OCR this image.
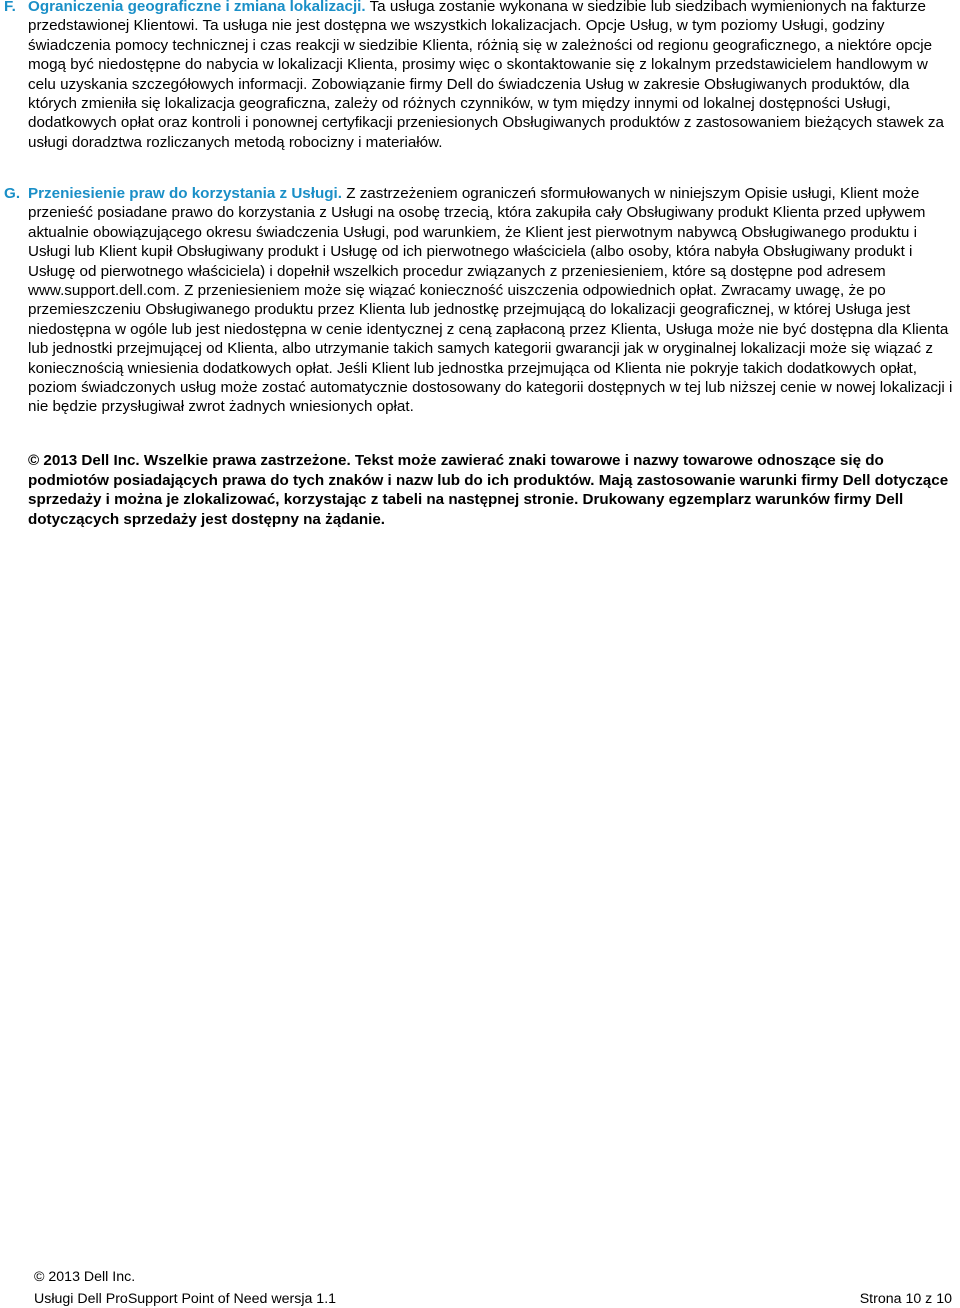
F. Ograniczenia geograficzne i zmiana lokalizacji. Ta usługa zostanie wykonana w siedzibie lub siedzibach wymienionych na fakturze przedstawionej Klientowi. Ta usługa nie jest dostępna we wszystkich lokalizacjach. Opcje Usług, w tym poziomy Usługi, godziny świadczenia pomocy technicznej i czas reakcji w siedzibie Klienta, różnią się w zależności od regionu geograficznego, a niektóre opcje mogą być niedostępne do nabycia w lokalizacji Klienta, prosimy więc o skontaktowanie się z lokalnym przedstawicielem handlowym w celu uzyskania szczegółowych informacji. Zobowiązanie firmy Dell do świadczenia Usług w zakresie Obsługiwanych produktów, dla których zmieniła się lokalizacja geograficzna, zależy od różnych czynników, w tym między innymi od lokalnej dostępności Usługi, dodatkowych opłat oraz kontroli i ponownej certyfikacji przeniesionych Obsługiwanych produktów z zastosowaniem bieżących stawek za usługi doradztwa rozliczanych metodą robocizny i materiałów.
G. Przeniesienie praw do korzystania z Usługi. Z zastrzeżeniem ograniczeń sformułowanych w niniejszym Opisie usługi, Klient może przenieść posiadane prawo do korzystania z Usługi na osobę trzecią, która zakupiła cały Obsługiwany produkt Klienta przed upływem aktualnie obowiązującego okresu świadczenia Usługi, pod warunkiem, że Klient jest pierwotnym nabywcą Obsługiwanego produktu i Usługi lub Klient kupił Obsługiwany produkt i Usługę od ich pierwotnego właściciela (albo osoby, która nabyła Obsługiwany produkt i Usługę od pierwotnego właściciela) i dopełnił wszelkich procedur związanych z przeniesieniem, które są dostępne pod adresem www.support.dell.com. Z przeniesieniem może się wiązać konieczność uiszczenia odpowiednich opłat. Zwracamy uwagę, że po przemieszczeniu Obsługiwanego produktu przez Klienta lub jednostkę przejmującą do lokalizacji geograficznej, w której Usługa jest niedostępna w ogóle lub jest niedostępna w cenie identycznej z ceną zapłaconą przez Klienta, Usługa może nie być dostępna dla Klienta lub jednostki przejmującej od Klienta, albo utrzymanie takich samych kategorii gwarancji jak w oryginalnej lokalizacji może się wiązać z koniecznością wniesienia dodatkowych opłat. Jeśli Klient lub jednostka przejmująca od Klienta nie pokryje takich dodatkowych opłat, poziom świadczonych usług może zostać automatycznie dostosowany do kategorii dostępnych w tej lub niższej cenie w nowej lokalizacji i nie będzie przysługiwał zwrot żadnych wniesionych opłat.
© 2013 Dell Inc. Wszelkie prawa zastrzeżone. Tekst może zawierać znaki towarowe i nazwy towarowe odnoszące się do podmiotów posiadających prawa do tych znaków i nazw lub do ich produktów. Mają zastosowanie warunki firmy Dell dotyczące sprzedaży i można je zlokalizować, korzystając z tabeli na następnej stronie. Drukowany egzemplarz warunków firmy Dell dotyczących sprzedaży jest dostępny na żądanie.
© 2013 Dell Inc.
Usługi Dell ProSupport Point of Need wersja 1.1	Strona 10 z 10
